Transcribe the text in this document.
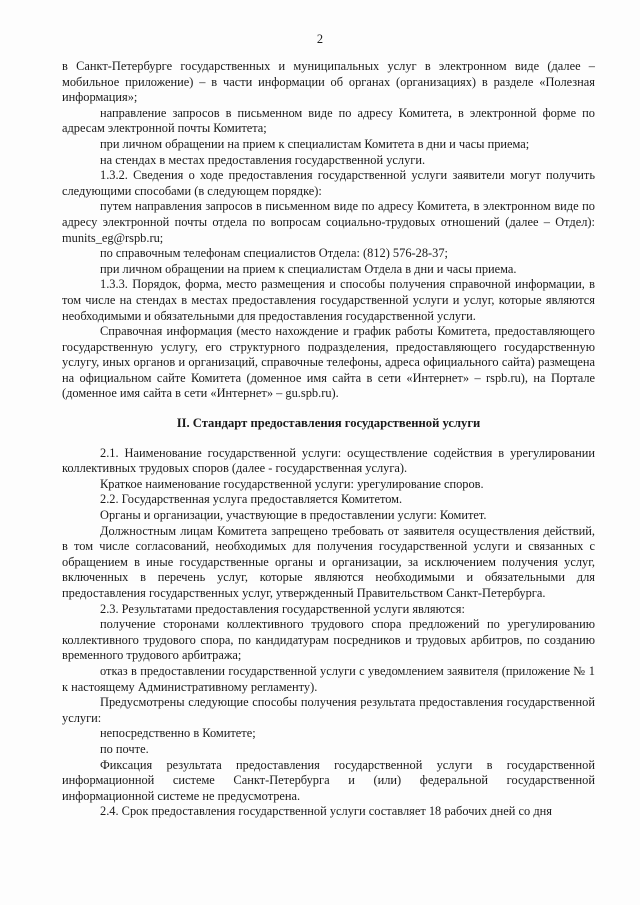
2

в Санкт-Петербурге государственных и муниципальных услуг в электронном виде (далее – мобильное приложение) – в части информации об органах (организациях) в разделе «Полезная информация»;

направление запросов в письменном виде по адресу Комитета, в электронной форме по адресам электронной почты Комитета;

при личном обращении на прием к специалистам Комитета в дни и часы приема;

на стендах в местах предоставления государственной услуги.

1.3.2. Сведения о ходе предоставления государственной услуги заявители могут получить следующими способами (в следующем порядке):

путем направления запросов в письменном виде по адресу Комитета, в электронном виде по адресу электронной почты отдела по вопросам социально-трудовых отношений (далее – Отдел): munits_eg@rspb.ru;

по справочным телефонам специалистов Отдела: (812) 576-28-37;

при личном обращении на прием к специалистам Отдела в дни и часы приема.

1.3.3. Порядок, форма, место размещения и способы получения справочной информации, в том числе на стендах в местах предоставления государственной услуги и услуг, которые являются необходимыми и обязательными для предоставления государственной услуги.

Справочная информация (место нахождение и график работы Комитета, предоставляющего государственную услугу, его структурного подразделения, предоставляющего государственную услугу, иных органов и организаций, справочные телефоны, адреса официального сайта) размещена на официальном сайте Комитета (доменное имя сайта в сети «Интернет» – rspb.ru), на Портале (доменное имя сайта в сети «Интернет» – gu.spb.ru).

II. Стандарт предоставления государственной услуги

2.1. Наименование государственной услуги: осуществление содействия в урегулировании коллективных трудовых споров (далее - государственная услуга).

Краткое наименование государственной услуги: урегулирование споров.

2.2. Государственная услуга предоставляется Комитетом.

Органы и организации, участвующие в предоставлении услуги: Комитет.

Должностным лицам Комитета запрещено требовать от заявителя осуществления действий, в том числе согласований, необходимых для получения государственной услуги и связанных с обращением в иные государственные органы и организации, за исключением получения услуг, включенных в перечень услуг, которые являются необходимыми и обязательными для предоставления государственных услуг, утвержденный Правительством Санкт-Петербурга.

2.3. Результатами предоставления государственной услуги являются:

получение сторонами коллективного трудового спора предложений по урегулированию коллективного трудового спора, по кандидатурам посредников и трудовых арбитров, по созданию временного трудового арбитража;

отказ в предоставлении государственной услуги с уведомлением заявителя (приложение № 1 к настоящему Административному регламенту).

Предусмотрены следующие способы получения результата предоставления государственной услуги:

непосредственно в Комитете;

по почте.

Фиксация результата предоставления государственной услуги в государственной информационной системе Санкт-Петербурга и (или) федеральной государственной информационной системе не предусмотрена.

2.4. Срок предоставления государственной услуги составляет 18 рабочих дней со дня
